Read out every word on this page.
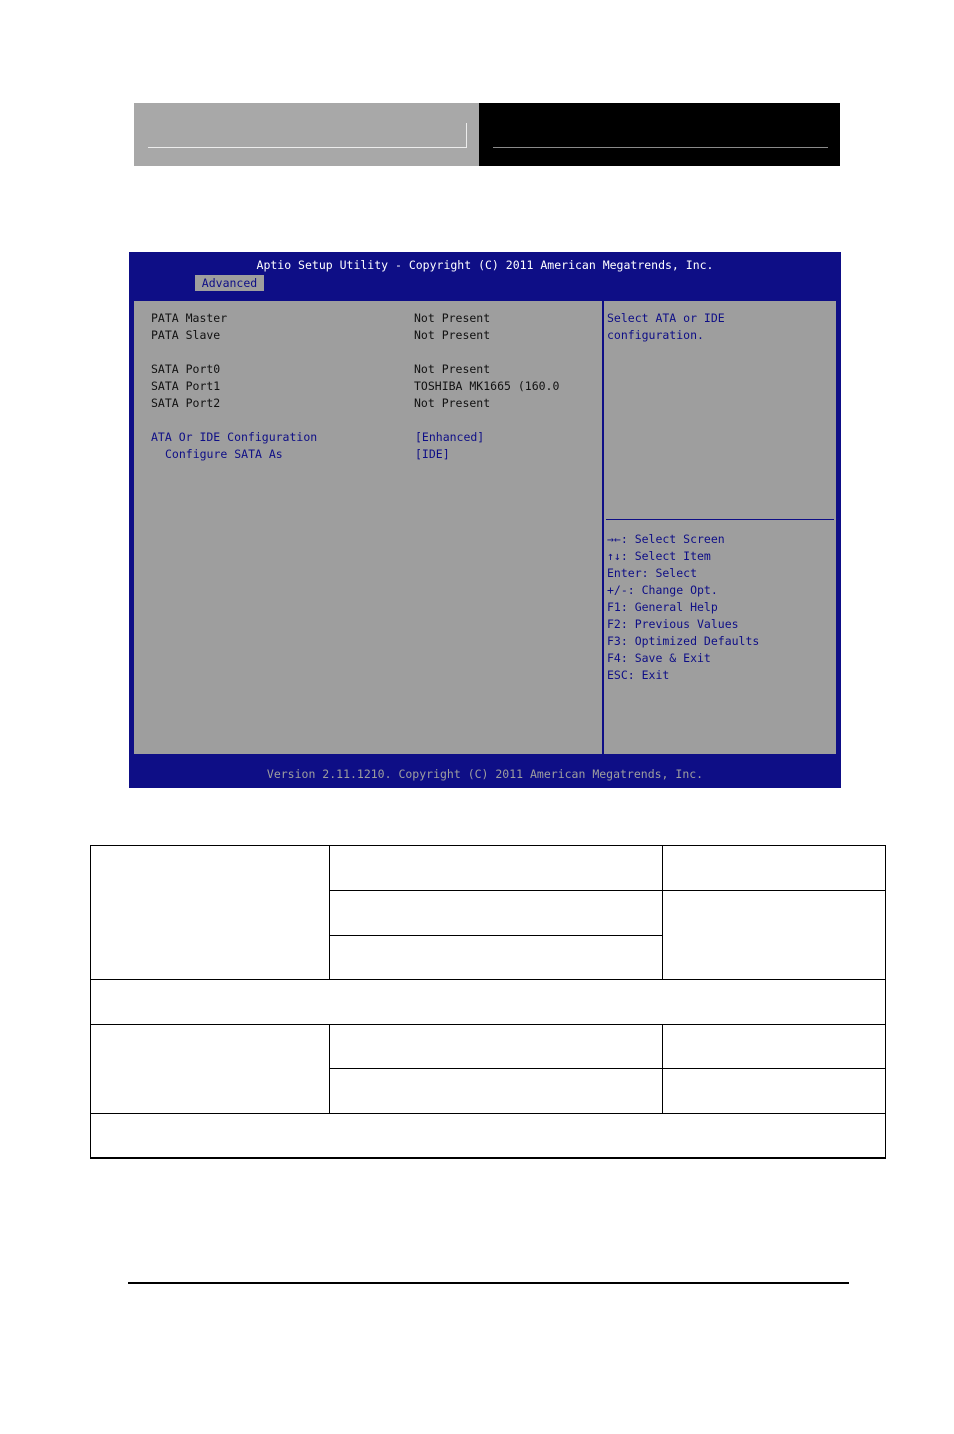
Aptio Setup Utility - Copyright (C) 2011 American Megatrends, Inc.
Advanced
PATA Master	Not Present
PATA Slave	Not Present
SATA Port0	Not Present
SATA Port1	TOSHIBA MK1665 (160.0
SATA Port2	Not Present
ATA Or IDE Configuration	[Enhanced]
Configure SATA As	[IDE]
Select ATA or IDE
configuration.
→←: Select Screen
↑↓: Select Item
Enter: Select
+/-: Change Opt.
F1: General Help
F2: Previous Values
F3: Optimized Defaults
F4: Save & Exit
ESC: Exit
Version 2.11.1210. Copyright (C) 2011 American Megatrends, Inc.
